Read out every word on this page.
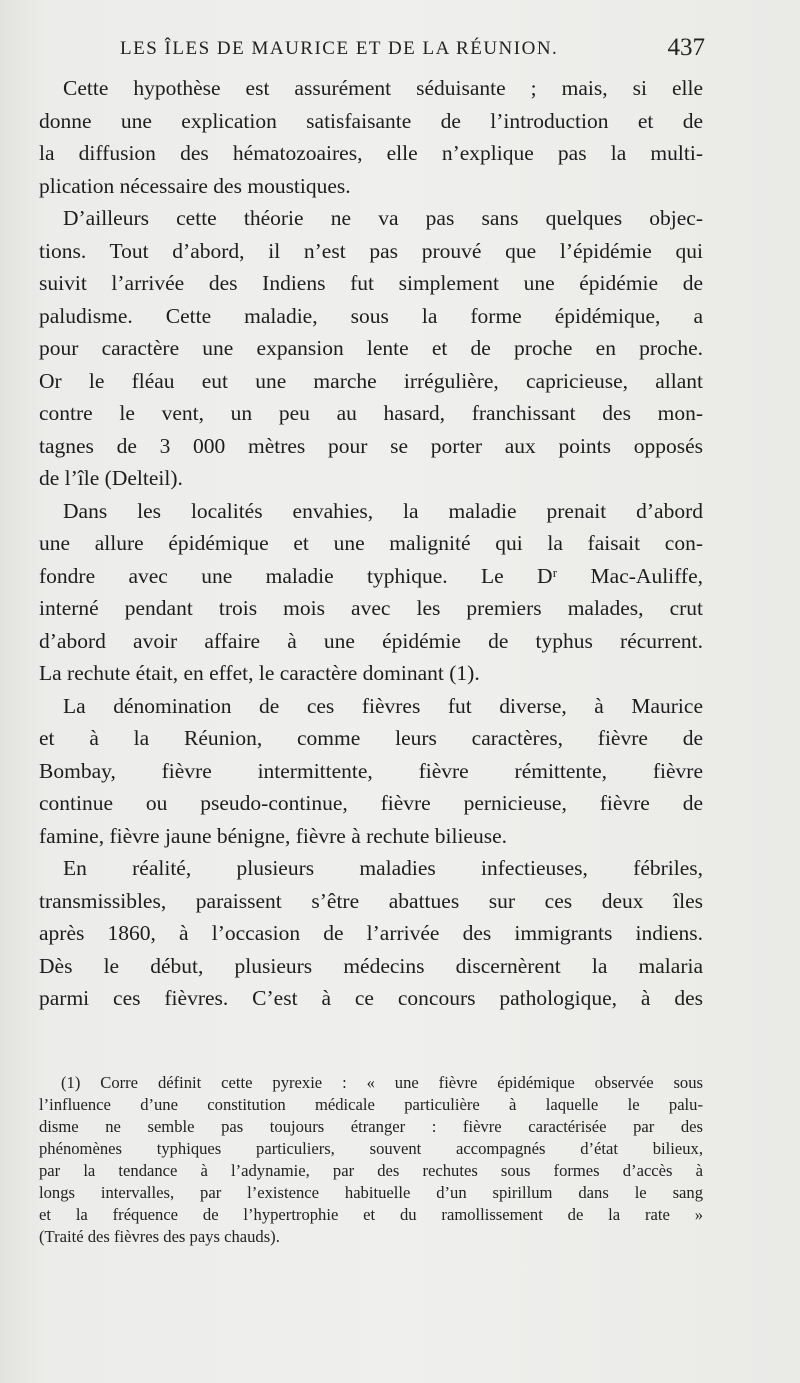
LES ÎLES DE MAURICE ET DE LA RÉUNION.	437
Cette hypothèse est assurément séduisante ; mais, si elle
donne une explication satisfaisante de l’introduction et de
la diffusion des hématozoaires, elle n’explique pas la multi-
plication nécessaire des moustiques.
D’ailleurs cette théorie ne va pas sans quelques objec-
tions. Tout d’abord, il n’est pas prouvé que l’épidémie qui
suivit l’arrivée des Indiens fut simplement une épidémie de
paludisme. Cette maladie, sous la forme épidémique, a
pour caractère une expansion lente et de proche en proche.
Or le fléau eut une marche irrégulière, capricieuse, allant
contre le vent, un peu au hasard, franchissant des mon-
tagnes de 3 000 mètres pour se porter aux points opposés
de l’île (Delteil).
Dans les localités envahies, la maladie prenait d’abord
une allure épidémique et une malignité qui la faisait con-
fondre avec une maladie typhique. Le Dʳ Mac-Auliffe,
interné pendant trois mois avec les premiers malades, crut
d’abord avoir affaire à une épidémie de typhus récurrent.
La rechute était, en effet, le caractère dominant (1).
La dénomination de ces fièvres fut diverse, à Maurice
et à la Réunion, comme leurs caractères, fièvre de
Bombay, fièvre intermittente, fièvre rémittente, fièvre
continue ou pseudo-continue, fièvre pernicieuse, fièvre de
famine, fièvre jaune bénigne, fièvre à rechute bilieuse.
En réalité, plusieurs maladies infectieuses, fébriles,
transmissibles, paraissent s’être abattues sur ces deux îles
après 1860, à l’occasion de l’arrivée des immigrants indiens.
Dès le début, plusieurs médecins discernèrent la malaria
parmi ces fièvres. C’est à ce concours pathologique, à des
(1) Corre définit cette pyrexie : « une fièvre épidémique observée sous
l’influence d’une constitution médicale particulière à laquelle le palu-
disme ne semble pas toujours étranger : fièvre caractérisée par des
phénomènes typhiques particuliers, souvent accompagnés d’état bilieux,
par la tendance à l’adynamie, par des rechutes sous formes d’accès à
longs intervalles, par l’existence habituelle d’un spirillum dans le sang
et la fréquence de l’hypertrophie et du ramollissement de la rate »
(Traité des fièvres des pays chauds).
